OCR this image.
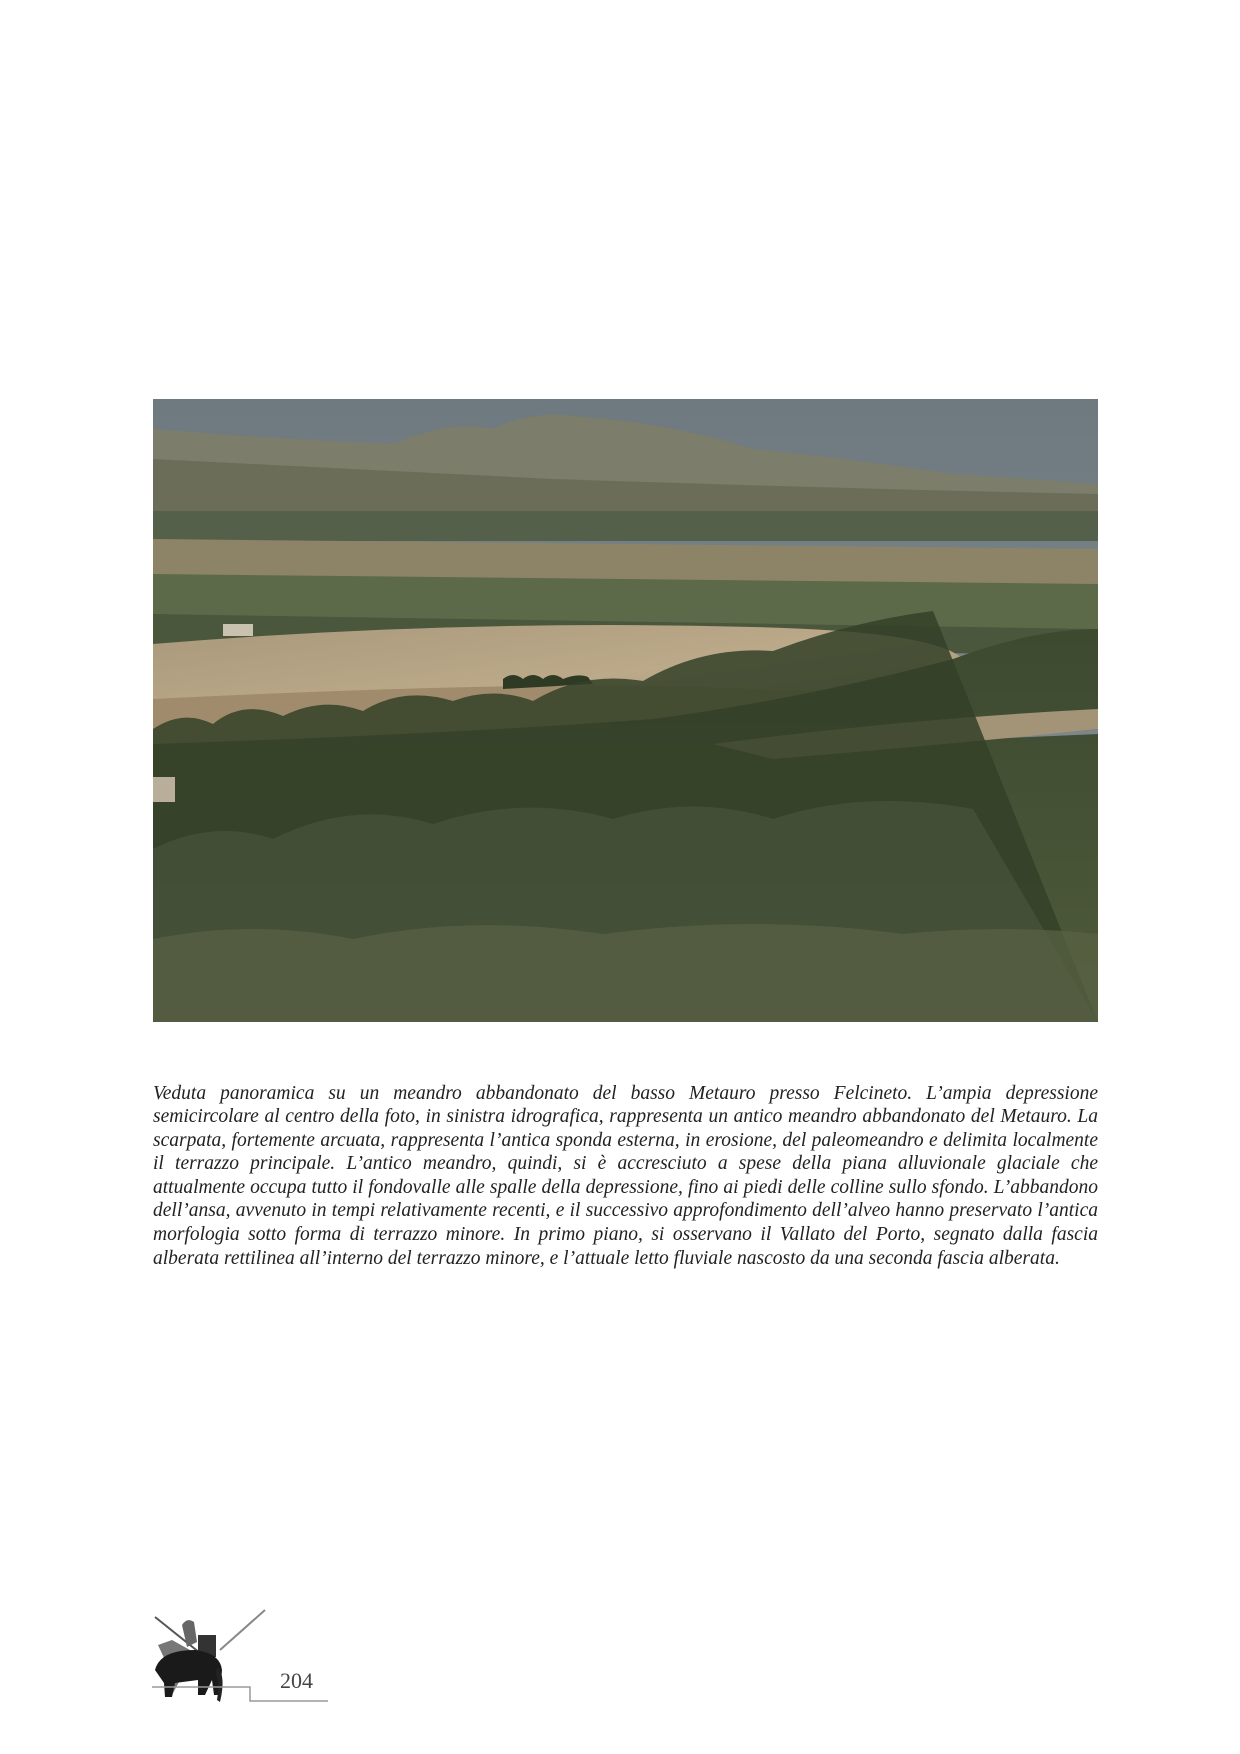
Veduta panoramica su un meandro abbandonato del basso Metauro presso Felcineto. L’ampia depressione semicircolare al centro della foto, in sinistra idrografica, rappresenta un antico meandro abbandonato del Metauro. La scarpata, fortemente arcuata, rappresenta l’antica sponda esterna, in erosione, del paleomeandro e delimita localmente il terrazzo principale. L’antico meandro, quindi, si è accresciuto a spese della piana alluvionale glaciale che attualmente occupa tutto il fondovalle alle spalle della depressione, fino ai piedi delle colline sullo sfondo. L’abbandono dell’ansa, avvenuto in tempi relativamente recenti, e il successivo approfondimento dell’alveo hanno preservato l’antica morfologia sotto forma di terrazzo minore. In primo piano, si osservano il Vallato del Porto, segnato dalla fascia alberata rettilinea all’interno del terrazzo minore, e l’attuale letto fluviale nascosto da una seconda fascia alberata.

204
